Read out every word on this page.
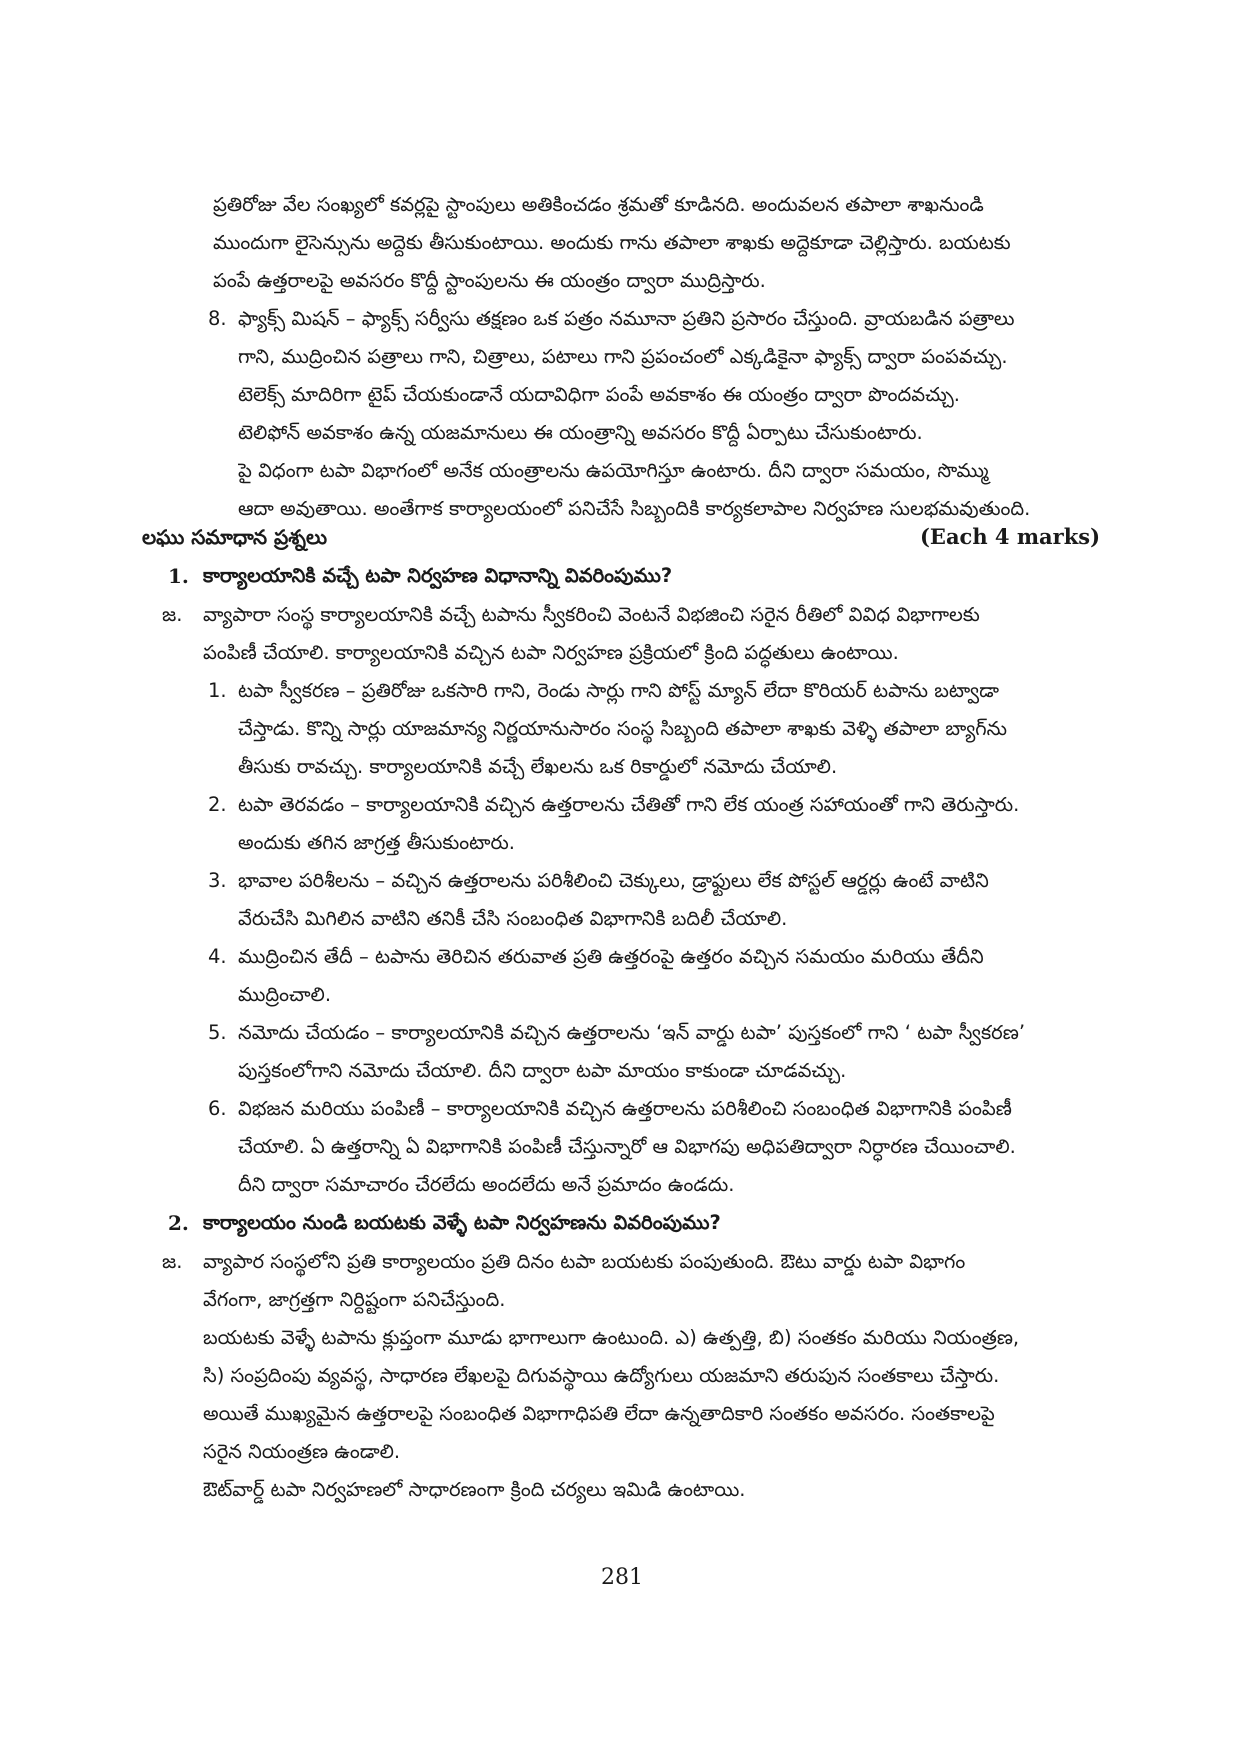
ప్రతిరోజు వేల సంఖ్యలో కవర్లపై స్టాంపులు అతికించడం శ్రమతో కూడినది. అందువలన తపాలా శాఖనుండి
ముందుగా లైసెన్సును అద్దెకు తీసుకుంటాయి. అందుకు గాను తపాలా శాఖకు అద్దెకూడా చెల్లిస్తారు. బయటకు
పంపే ఉత్తరాలపై అవసరం కొద్దీ స్టాంపులను ఈ యంత్రం ద్వారా ముద్రిస్తారు.
8. ఫ్యాక్స్ మిషన్ – ఫ్యాక్స్ సర్వీసు తక్షణం ఒక పత్రం నమూనా ప్రతిని ప్రసారం చేస్తుంది. వ్రాయబడిన పత్రాలు
గాని, ముద్రించిన పత్రాలు గాని, చిత్రాలు, పటాలు గాని ప్రపంచంలో ఎక్కడికైనా ఫ్యాక్స్ ద్వారా పంపవచ్చు.
టెలెక్స్ మాదిరిగా టైప్ చేయకుండానే యదావిధిగా పంపే అవకాశం ఈ యంత్రం ద్వారా పొందవచ్చు.
టెలిఫోన్ అవకాశం ఉన్న యజమానులు ఈ యంత్రాన్ని అవసరం కొద్దీ ఏర్పాటు చేసుకుంటారు.
పై విధంగా టపా విభాగంలో అనేక యంత్రాలను ఉపయోగిస్తూ ఉంటారు. దీని ద్వారా సమయం, సొమ్ము
ఆదా అవుతాయి. అంతేగాక కార్యాలయంలో పనిచేసే సిబ్బందికి కార్యకలాపాల నిర్వహణ సులభమవుతుంది.
లఘు సమాధాన ప్రశ్నలు	(Each 4 marks)
1. కార్యాలయానికి వచ్చే టపా నిర్వహణ విధానాన్ని వివరింపుము?
జ. వ్యాపారా సంస్థ కార్యాలయానికి వచ్చే టపాను స్వీకరించి వెంటనే విభజించి సరైన రీతిలో వివిధ విభాగాలకు
పంపిణీ చేయాలి. కార్యాలయానికి వచ్చిన టపా నిర్వహణ ప్రక్రియలో క్రింది పద్ధతులు ఉంటాయి.
1. టపా స్వీకరణ – ప్రతిరోజు ఒకసారి గాని, రెండు సార్లు గాని పోస్ట్ మ్యాన్ లేదా కొరియర్ టపాను బట్వాడా
చేస్తాడు. కొన్ని సార్లు యాజమాన్య నిర్ణయానుసారం సంస్థ సిబ్బంది తపాలా శాఖకు వెళ్ళి తపాలా బ్యాగ్‌ను
తీసుకు రావచ్చు. కార్యాలయానికి వచ్చే లేఖలను ఒక రికార్డులో నమోదు చేయాలి.
2. టపా తెరవడం – కార్యాలయానికి వచ్చిన ఉత్తరాలను చేతితో గాని లేక యంత్ర సహాయంతో గాని తెరుస్తారు.
అందుకు తగిన జాగ్రత్త తీసుకుంటారు.
3. భావాల పరిశీలను – వచ్చిన ఉత్తరాలను పరిశీలించి చెక్కులు, డ్రాఫ్టులు లేక పోస్టల్ ఆర్డర్లు ఉంటే వాటిని
వేరుచేసి మిగిలిన వాటిని తనికీ చేసి సంబంధిత విభాగానికి బదిలీ చేయాలి.
4. ముద్రించిన తేదీ – టపాను తెరిచిన తరువాత ప్రతి ఉత్తరంపై ఉత్తరం వచ్చిన సమయం మరియు తేదీని
ముద్రించాలి.
5. నమోదు చేయడం – కార్యాలయానికి వచ్చిన ఉత్తరాలను ‘ఇన్ వార్డు టపా’ పుస్తకంలో గాని ‘ టపా స్వీకరణ’
పుస్తకంలోగాని నమోదు చేయాలి. దీని ద్వారా టపా మాయం కాకుండా చూడవచ్చు.
6. విభజన మరియు పంపిణీ – కార్యాలయానికి వచ్చిన ఉత్తరాలను పరిశీలించి సంబంధిత విభాగానికి పంపిణీ
చేయాలి. ఏ ఉత్తరాన్ని ఏ విభాగానికి పంపిణీ చేస్తున్నారో ఆ విభాగపు అధిపతిద్వారా నిర్ధారణ చేయించాలి.
దీని ద్వారా సమాచారం చేరలేదు అందలేదు అనే ప్రమాదం ఉండదు.
2. కార్యాలయం నుండి బయటకు వెళ్ళే టపా నిర్వహణను వివరింపుము?
జ. వ్యాపార సంస్థలోని ప్రతి కార్యాలయం ప్రతి దినం టపా బయటకు పంపుతుంది. ఔటు వార్డు టపా విభాగం
వేగంగా, జాగ్రత్తగా నిర్దిష్టంగా పనిచేస్తుంది.
బయటకు వెళ్ళే టపాను క్లుప్తంగా మూడు భాగాలుగా ఉంటుంది. ఎ) ఉత్పత్తి, బి) సంతకం మరియు నియంత్రణ,
సి) సంప్రదింపు వ్యవస్థ, సాధారణ లేఖలపై దిగువస్థాయి ఉద్యోగులు యజమాని తరుపున సంతకాలు చేస్తారు.
అయితే ముఖ్యమైన ఉత్తరాలపై సంబంధిత విభాగాధిపతి లేదా ఉన్నతాదికారి సంతకం అవసరం. సంతకాలపై
సరైన నియంత్రణ ఉండాలి.
ఔట్‌వార్డ్ టపా నిర్వహణలో సాధారణంగా క్రింది చర్యలు ఇమిడి ఉంటాయి.
281
